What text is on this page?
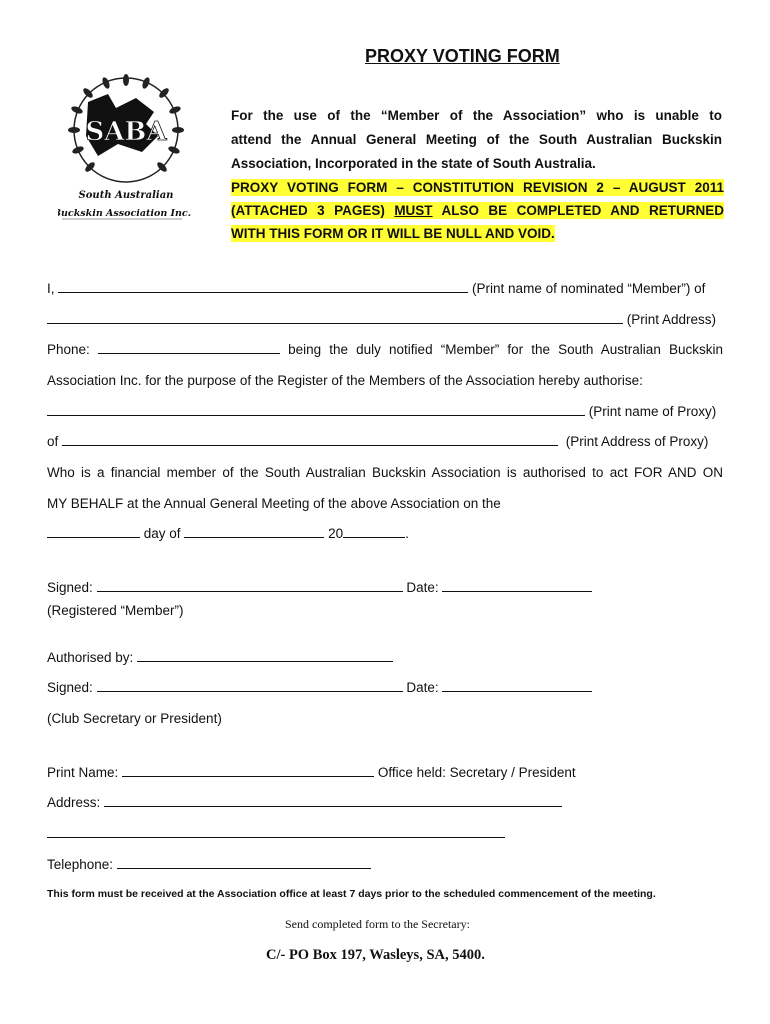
SABA
South Australian
Buckskin Association Inc.
PROXY VOTING FORM
For the use of the “Member of the Association” who is unable to
attend the Annual General Meeting of the South Australian Buckskin
Association, Incorporated in the state of South Australia.
PROXY VOTING FORM – CONSTITUTION REVISION 2 – AUGUST 2011
(ATTACHED 3 PAGES) MUST ALSO BE COMPLETED AND RETURNED
WITH THIS FORM OR IT WILL BE NULL AND VOID.
I,	(Print name of nominated “Member”) of
(Print Address)
Phone:	being the duly notified “Member” for the South Australian Buckskin
Association Inc. for the purpose of the Register of the Members of the Association hereby authorise:
(Print name of Proxy)
of	(Print Address of Proxy)
Who is a financial member of the South Australian Buckskin Association is authorised to act FOR AND ON
MY BEHALF at the Annual General Meeting of the above Association on the
day of	20	.
Signed:	Date:
(Registered “Member”)
Authorised by:
Signed:	Date:
(Club Secretary or President)
Print Name:	Office held: Secretary / President
Address:
Telephone:
This form must be received at the Association office at least 7 days prior to the scheduled commencement of the meeting.
Send completed form to the Secretary:
C/- PO Box 197, Wasleys, SA, 5400.
